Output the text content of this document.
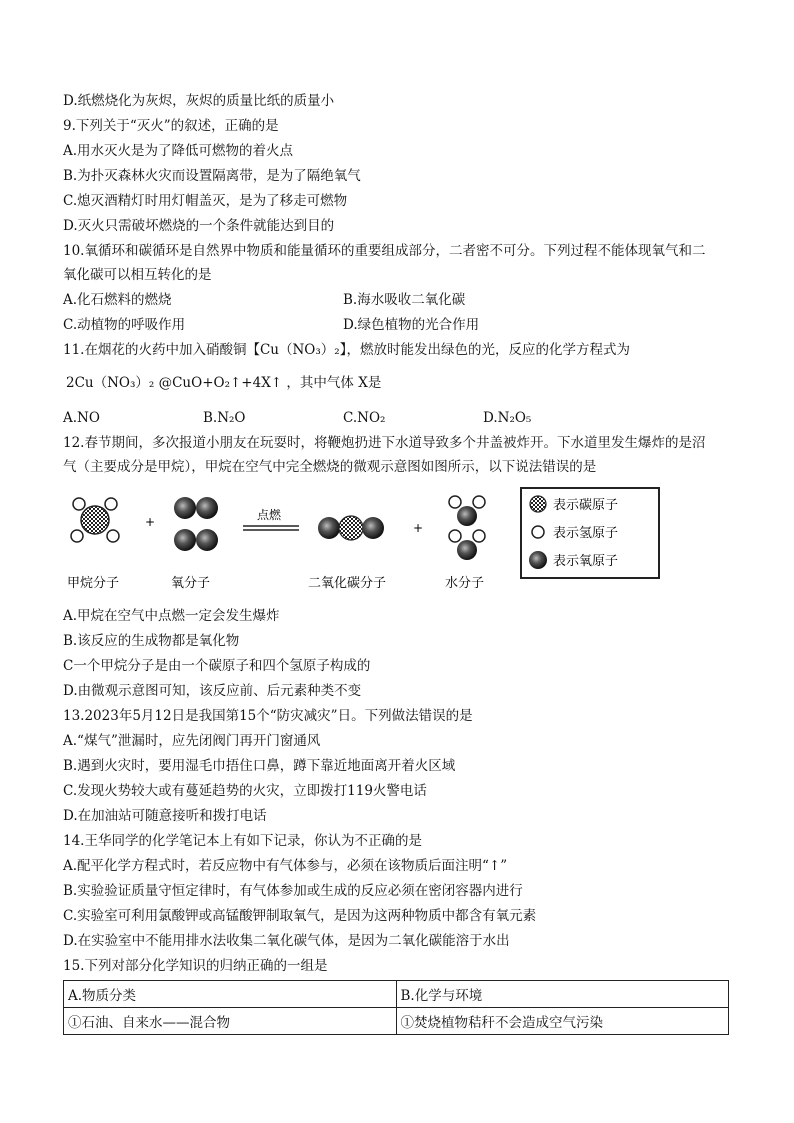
D.纸燃烧化为灰烬，灰烬的质量比纸的质量小
9.下列关于“灭火”的叙述，正确的是
A.用水灭火是为了降低可燃物的着火点
B.为扑灭森林火灾而设置隔离带，是为了隔绝氧气
C.熄灭酒精灯时用灯帽盖灭，是为了移走可燃物
D.灭火只需破坏燃烧的一个条件就能达到目的
10.氧循环和碳循环是自然界中物质和能量循环的重要组成部分，二者密不可分。下列过程不能体现氧气和二
氧化碳可以相互转化的是
A.化石燃料的燃烧	B.海水吸收二氧化碳
C.动植物的呼吸作用	D.绿色植物的光合作用
11.在烟花的火药中加入硝酸铜【Cu（NO₃）₂】，燃放时能发出绿色的光，反应的化学方程式为
2Cu（NO₃）₂ @CuO+O₂↑+4X↑ ，其中气体 X是
A.NO	B.N₂O	C.NO₂	D.N₂O₅
12.春节期间，多次报道小朋友在玩耍时，将鞭炮扔进下水道导致多个井盖被炸开。下水道里发生爆炸的是沼
气（主要成分是甲烷），甲烷在空气中完全燃烧的微观示意图如图所示，以下说法错误的是
+	点燃
+
甲烷分子	氧分子	二氧化碳分子	水分子
表示碳原子
表示氢原子
表示氧原子
A.甲烷在空气中点燃一定会发生爆炸
B.该反应的生成物都是氧化物
C一个甲烷分子是由一个碳原子和四个氢原子构成的
D.由微观示意图可知，该反应前、后元素种类不变
13.2023年5月12日是我国第15个“防灾减灾”日。下列做法错误的是
A.“煤气”泄漏时，应先闭阀门再开门窗通风
B.遇到火灾时，要用湿毛巾捂住口鼻，蹲下靠近地面离开着火区域
C.发现火势较大或有蔓延趋势的火灾，立即拨打119火警电话
D.在加油站可随意接听和拨打电话
14.王华同学的化学笔记本上有如下记录，你认为不正确的是
A.配平化学方程式时，若反应物中有气体参与，必须在该物质后面注明“↑”
B.实验验证质量守恒定律时，有气体参加或生成的反应必须在密闭容器内进行
C.实验室可利用氯酸钾或高锰酸钾制取氧气，是因为这两种物质中都含有氧元素
D.在实验室中不能用排水法收集二氧化碳气体，是因为二氧化碳能溶于水出
15.下列对部分化学知识的归纳正确的一组是
A.物质分类	B.化学与环境
①石油、自来水——混合物	①焚烧植物秸秆不会造成空气污染
